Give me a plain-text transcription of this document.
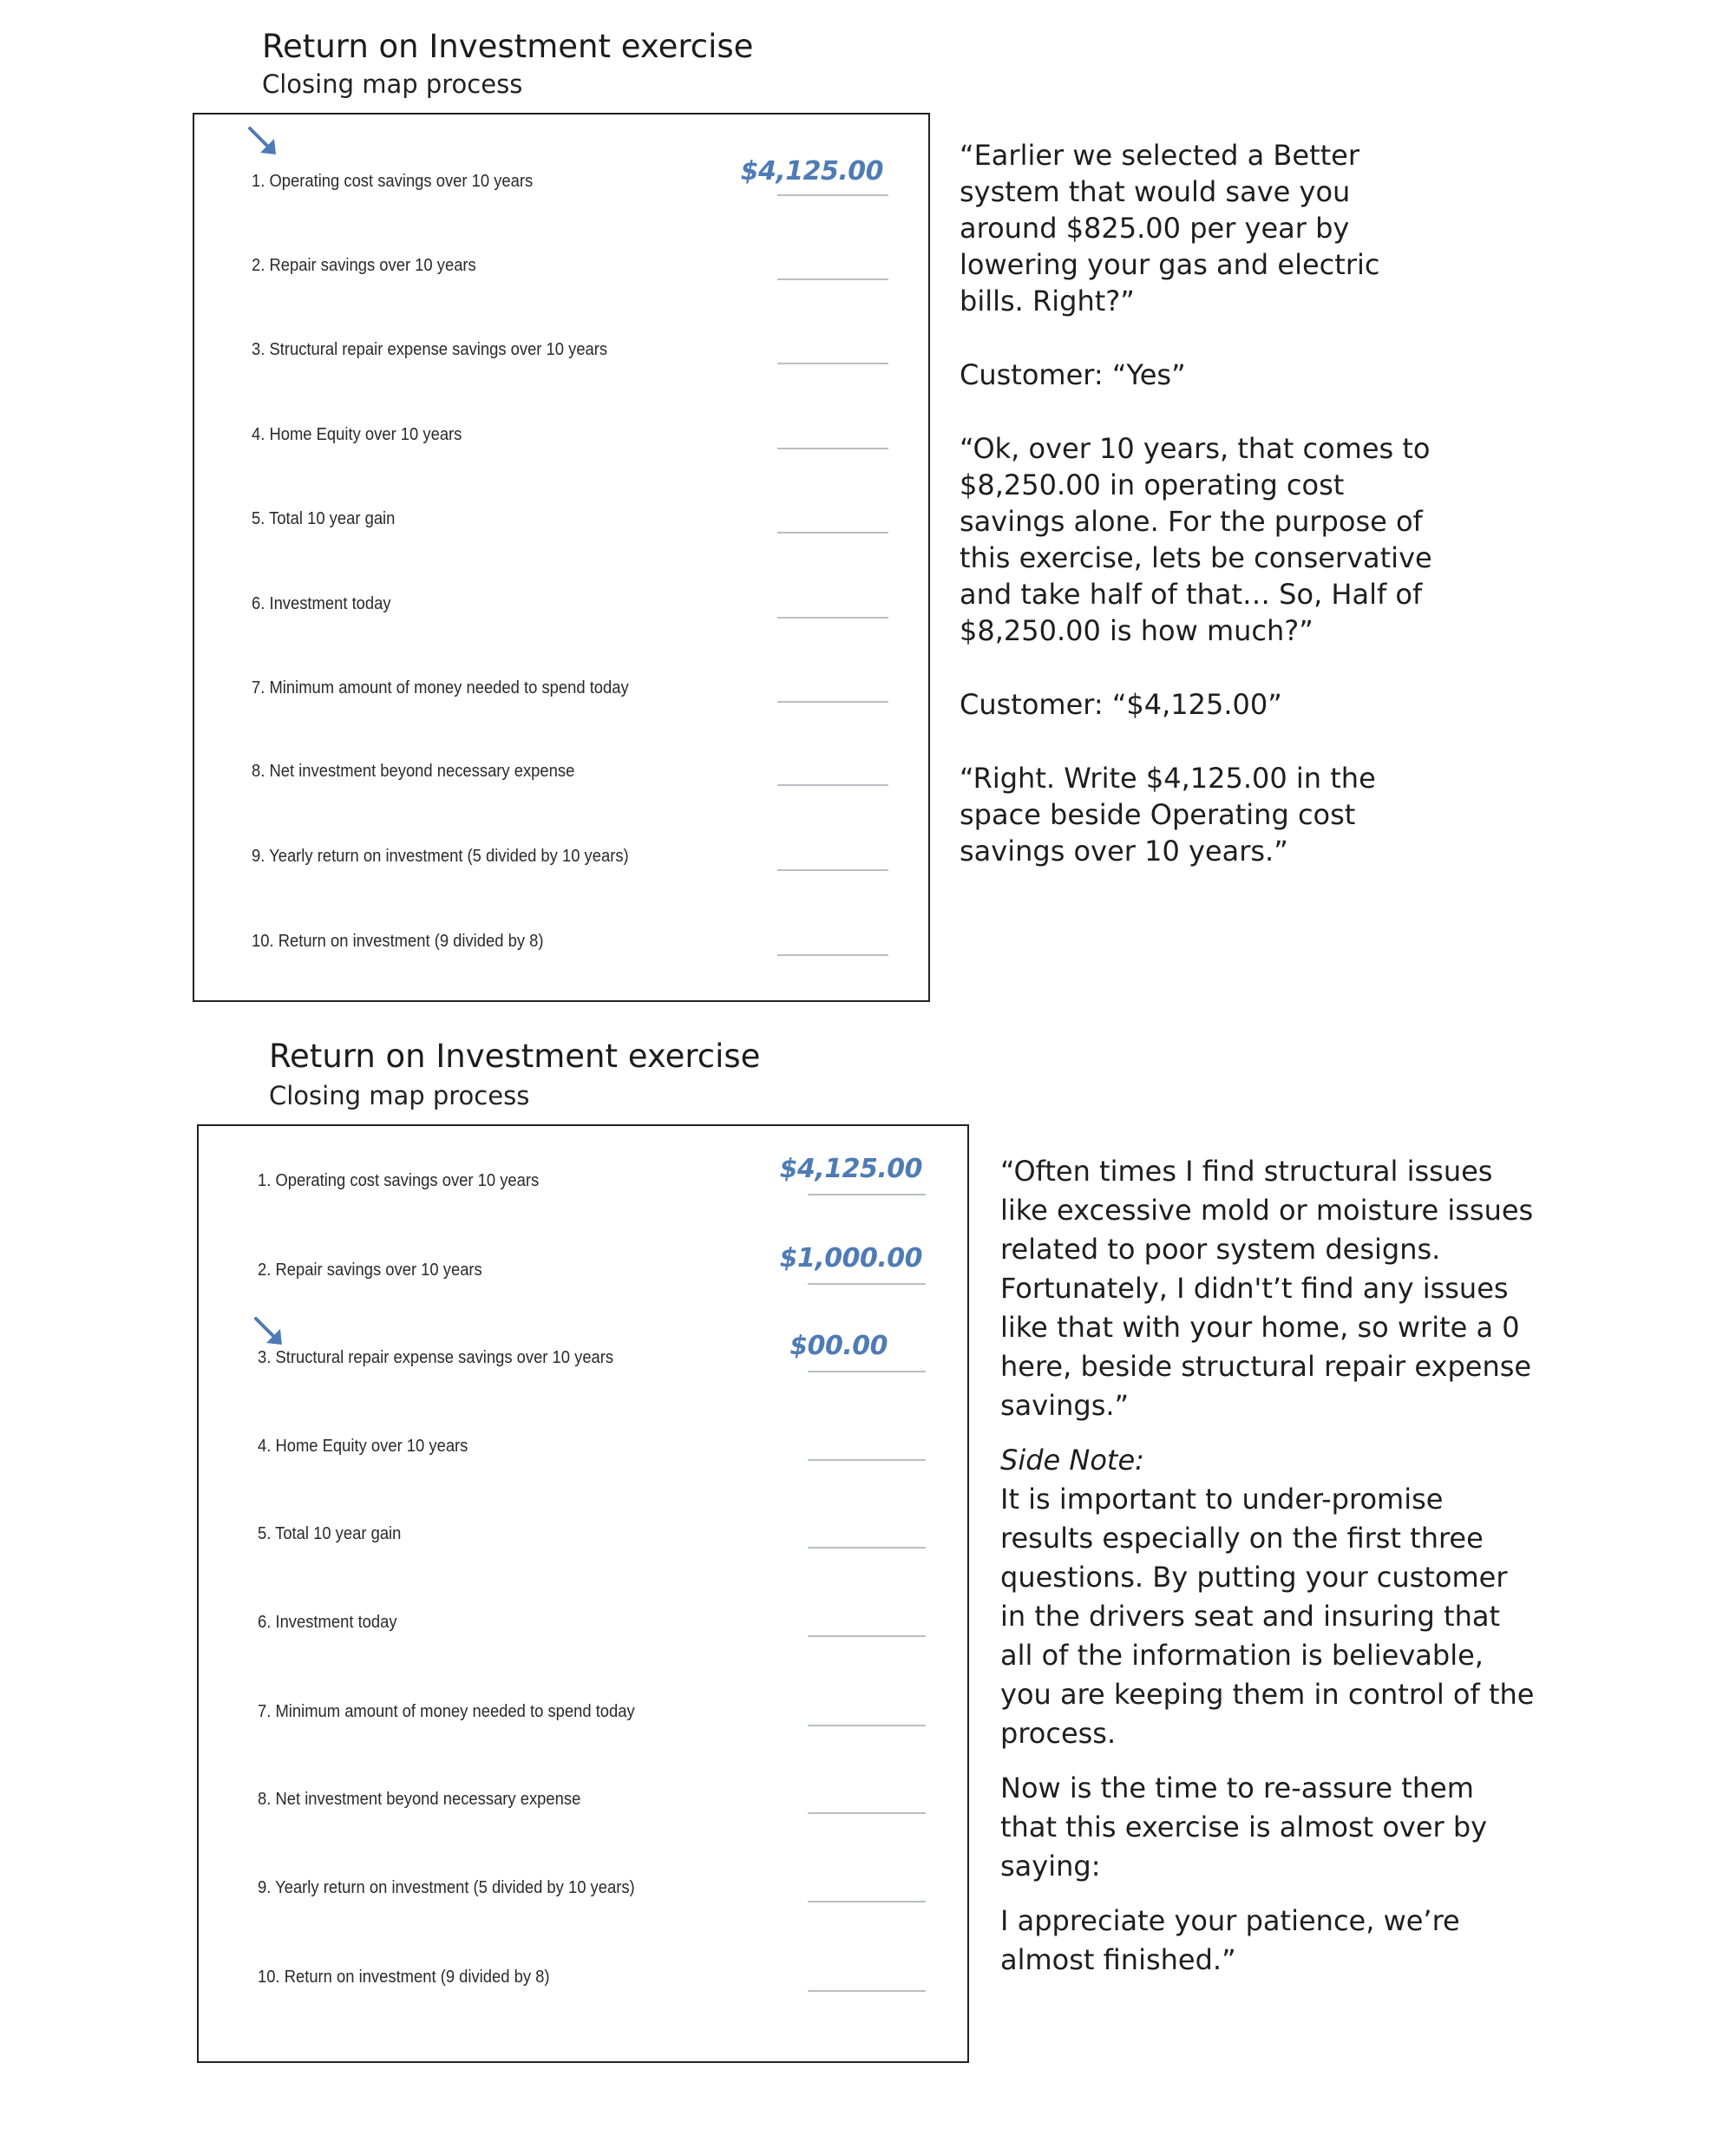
Return on Investment exercise
Closing map process
1. Operating cost savings over 10 years	$4,125.00
2. Repair savings over 10 years
3. Structural repair expense savings over 10 years
4. Home Equity over 10 years
5. Total 10 year gain
6. Investment today
7. Minimum amount of money needed to spend today
8. Net investment beyond necessary expense
9. Yearly return on investment (5 divided by 10 years)
10. Return on investment (9 divided by 8)

“Earlier we selected a Better system that would save you around $825.00 per year by lowering your gas and electric bills. Right?”

Customer: “Yes”

“Ok, over 10 years, that comes to $8,250.00 in operating cost savings alone. For the purpose of this exercise, lets be conservative and take half of that… So, Half of $8,250.00 is how much?”

Customer: “$4,125.00”

“Right. Write $4,125.00 in the space beside Operating cost savings over 10 years.”

Return on Investment exercise
Closing map process
1. Operating cost savings over 10 years	$4,125.00
2. Repair savings over 10 years	$1,000.00
3. Structural repair expense savings over 10 years	$00.00
4. Home Equity over 10 years
5. Total 10 year gain
6. Investment today
7. Minimum amount of money needed to spend today
8. Net investment beyond necessary expense
9. Yearly return on investment (5 divided by 10 years)
10. Return on investment (9 divided by 8)

“Often times I find structural issues like excessive mold or moisture issues related to poor system designs. Fortunately, I didn't’t find any issues like that with your home, so write a 0 here, beside structural repair expense savings.”

Side Note:

It is important to under-promise results especially on the first three questions. By putting your customer in the drivers seat and insuring that all of the information is believable, you are keeping them in control of the process.

Now is the time to re-assure them that this exercise is almost over by saying:

I appreciate your patience, we’re almost finished.”
